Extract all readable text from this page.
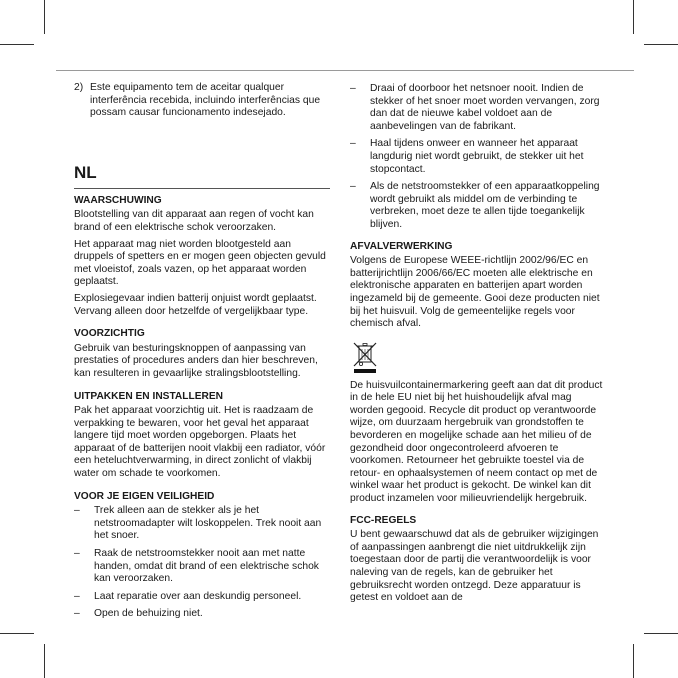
2) Este equipamento tem de aceitar qualquer interferência recebida, incluindo interferências que possam causar funcionamento indesejado.
NL
WAARSCHUWING

Blootstelling van dit apparaat aan regen of vocht kan brand of een elektrische schok veroorzaken.

Het apparaat mag niet worden blootgesteld aan druppels of spetters en er mogen geen objecten gevuld met vloeistof, zoals vazen, op het apparaat worden geplaatst.

Explosiegevaar indien batterij onjuist wordt geplaatst. Vervang alleen door hetzelfde of vergelijkbaar type.

VOORZICHTIG

Gebruik van besturingsknoppen of aanpassing van prestaties of procedures anders dan hier beschreven, kan resulteren in gevaarlijke stralingsblootstelling.

UITPAKKEN EN INSTALLEREN

Pak het apparaat voorzichtig uit. Het is raadzaam de verpakking te bewaren, voor het geval het apparaat langere tijd moet worden opgeborgen. Plaats het apparaat of de batterijen nooit vlakbij een radiator, vóór een heteluchtverwarming, in direct zonlicht of vlakbij water om schade te voorkomen.

VOOR JE EIGEN VEILIGHEID
–	Trek alleen aan de stekker als je het netstroomadapter wilt loskoppelen. Trek nooit aan het snoer.
–	Raak de netstroomstekker nooit aan met natte handen, omdat dit brand of een elektrische schok kan veroorzaken.
–	Laat reparatie over aan deskundig personeel.
–	Open de behuizing niet.
–	Draai of doorboor het netsnoer nooit. Indien de stekker of het snoer moet worden vervangen, zorg dan dat de nieuwe kabel voldoet aan de aanbevelingen van de fabrikant.
–	Haal tijdens onweer en wanneer het apparaat langdurig niet wordt gebruikt, de stekker uit het stopcontact.
–	Als de netstroomstekker of een apparaatkoppeling wordt gebruikt als middel om de verbinding te verbreken, moet deze te allen tijde toegankelijk blijven.
AFVALVERWERKING

Volgens de Europese WEEE-richtlijn 2002/96/EC en batterijrichtlijn 2006/66/EC moeten alle elektrische en elektronische apparaten en batterijen apart worden ingezameld bij de gemeente. Gooi deze producten niet bij het huisvuil. Volg de gemeentelijke regels voor chemisch afval.

De huisvuilcontainermarkering geeft aan dat dit product in de hele EU niet bij het huishoudelijk afval mag worden gegooid. Recycle dit product op verantwoorde wijze, om duurzaam hergebruik van grondstoffen te bevorderen en mogelijke schade aan het milieu of de gezondheid door ongecontroleerd afvoeren te voorkomen. Retourneer het gebruikte toestel via de retour- en ophaalsystemen of neem contact op met de winkel waar het product is gekocht. De winkel kan dit product inzamelen voor milieuvriendelijk hergebruik.

FCC-REGELS

U bent gewaarschuwd dat als de gebruiker wijzigingen of aanpassingen aanbrengt die niet uitdrukkelijk zijn toegestaan door de partij die verantwoordelijk is voor naleving van de regels, kan de gebruiker het gebruiksrecht worden ontzegd. Deze apparatuur is getest en voldoet aan de
